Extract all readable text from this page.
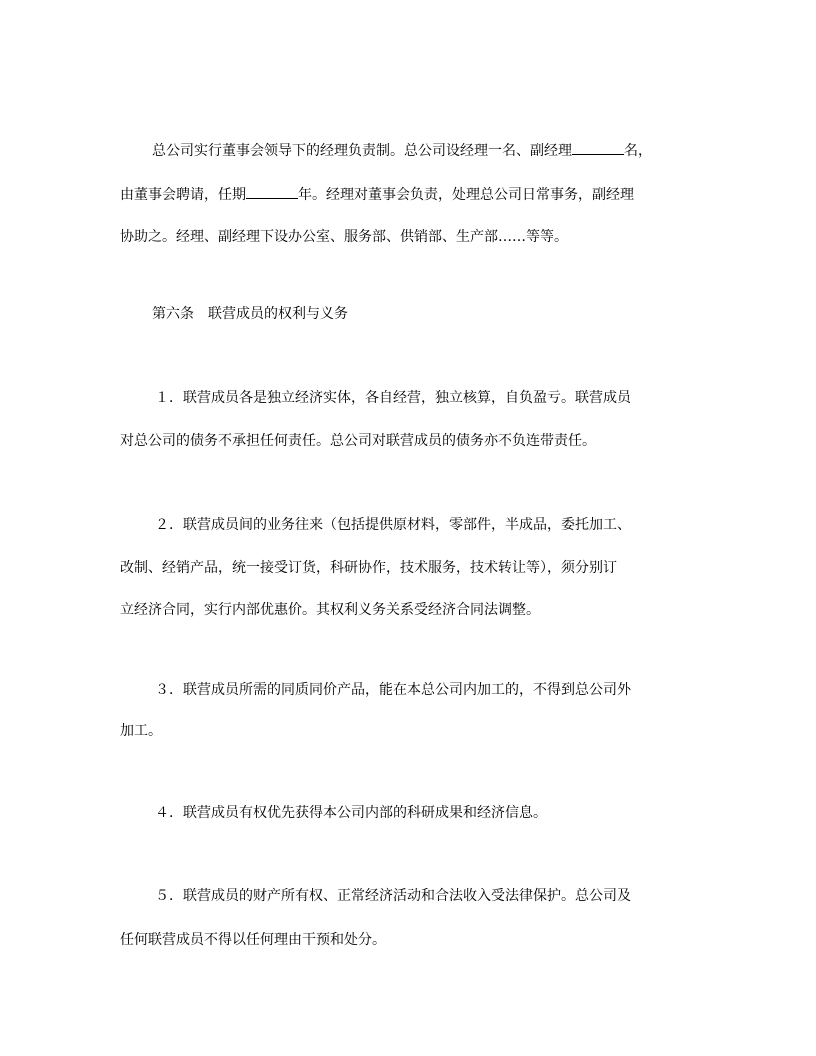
总公司实行董事会领导下的经理负责制。总公司设经理一名、副经理	名，
由董事会聘请，任期	年。经理对董事会负责，处理总公司日常事务，副经理
协助之。经理、副经理下设办公室、服务部、供销部、生产部……等等。
第六条　联营成员的权利与义务
１．联营成员各是独立经济实体，各自经营，独立核算，自负盈亏。联营成员
对总公司的债务不承担任何责任。总公司对联营成员的债务亦不负连带责任。
２．联营成员间的业务往来（包括提供原材料，零部件，半成品，委托加工、
改制、经销产品，统一接受订货，科研协作，技术服务，技术转让等），须分别订
立经济合同，实行内部优惠价。其权利义务关系受经济合同法调整。
３．联营成员所需的同质同价产品，能在本总公司内加工的，不得到总公司外
加工。
４．联营成员有权优先获得本公司内部的科研成果和经济信息。
５．联营成员的财产所有权、正常经济活动和合法收入受法律保护。总公司及
任何联营成员不得以任何理由干预和处分。
